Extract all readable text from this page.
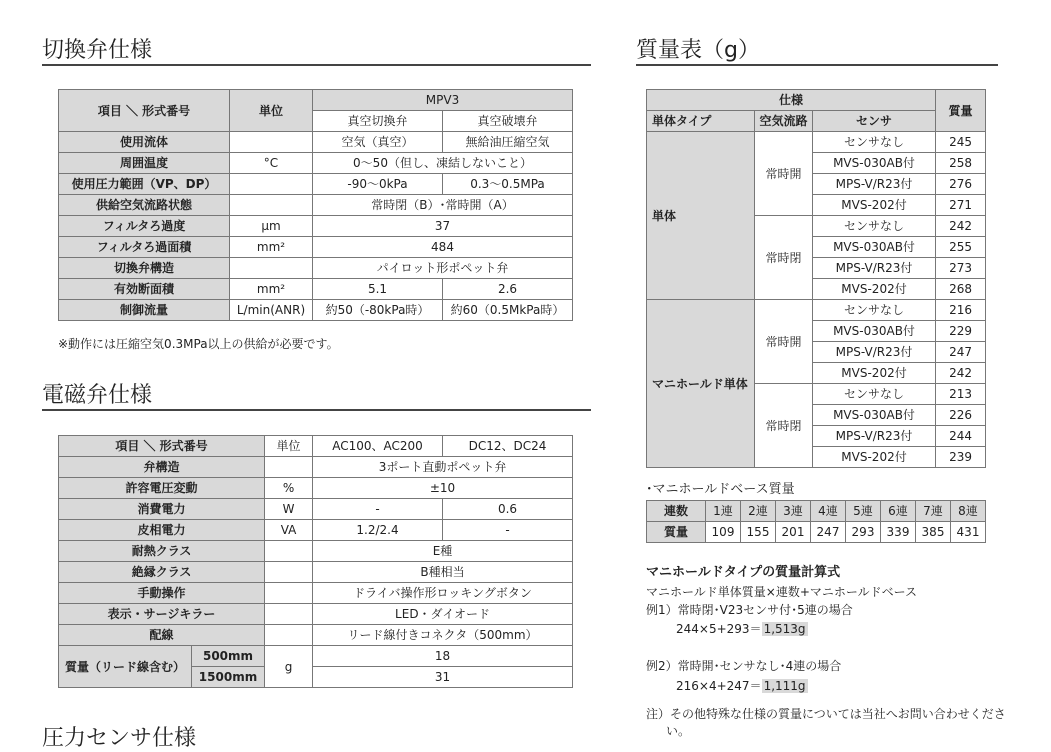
切換弁仕様
項目 ＼ 形式番号	単位	MPV3	
		真空切換弁	真空破壊弁
使用流体		空気（真空）	無給油圧縮空気
周囲温度	°C	0～50（但し、凍結しないこと）	
使用圧力範囲（VP、DP）		-90～0kPa	0.3～0.5MPa
供給空気流路状態		常時閉（B）･常時開（A）	
フィルタろ過度	µm	37	
フィルタろ過面積	mm²	484	
切換弁構造		パイロット形ポペット弁	
有効断面積	mm²	5.1	2.6
制御流量	L/min(ANR)	約50（-80kPa時）	約60（0.5MkPa時）
※動作には圧縮空気0.3MPa以上の供給が必要です。
電磁弁仕様
項目 ＼ 形式番号		単位	AC100、AC200	DC12、DC24
弁構造			3ポート直動ポペット弁	
許容電圧変動		%	±10	
消費電力		W	-	0.6
皮相電力		VA	1.2/2.4	-
耐熱クラス			E種	
絶縁クラス			B種相当	
手動操作			ドライバ操作形ロッキングボタン	
表示・サージキラー			LED・ダイオード	
配線			リード線付きコネクタ（500mm）	
質量（リード線含む）	500mm	g	18	
	1500mm		31	
圧力センサ仕様
質量表（g）
仕様			質量
単体タイプ	空気流路	センサ	
単体	常時開	センサなし	245
		MVS-030AB付	258
		MPS-V/R23付	276
		MVS-202付	271
	常時閉	センサなし	242
		MVS-030AB付	255
		MPS-V/R23付	273
		MVS-202付	268
マニホールド単体	常時開	センサなし	216
		MVS-030AB付	229
		MPS-V/R23付	247
		MVS-202付	242
	常時閉	センサなし	213
		MVS-030AB付	226
		MPS-V/R23付	244
		MVS-202付	239
･マニホールドベース質量
連数	1連	2連	3連	4連	5連	6連	7連	8連
質量	109	155	201	247	293	339	385	431
マニホールドタイプの質量計算式
マニホールド単体質量×連数+マニホールドベース
例1）常時閉･V23センサ付･5連の場合
244×5+293＝ 1,513g
例2）常時開･センサなし･4連の場合
216×4+247＝ 1,111g
注）その他特殊な仕様の質量については当社へお問い合わせくださ
い。
